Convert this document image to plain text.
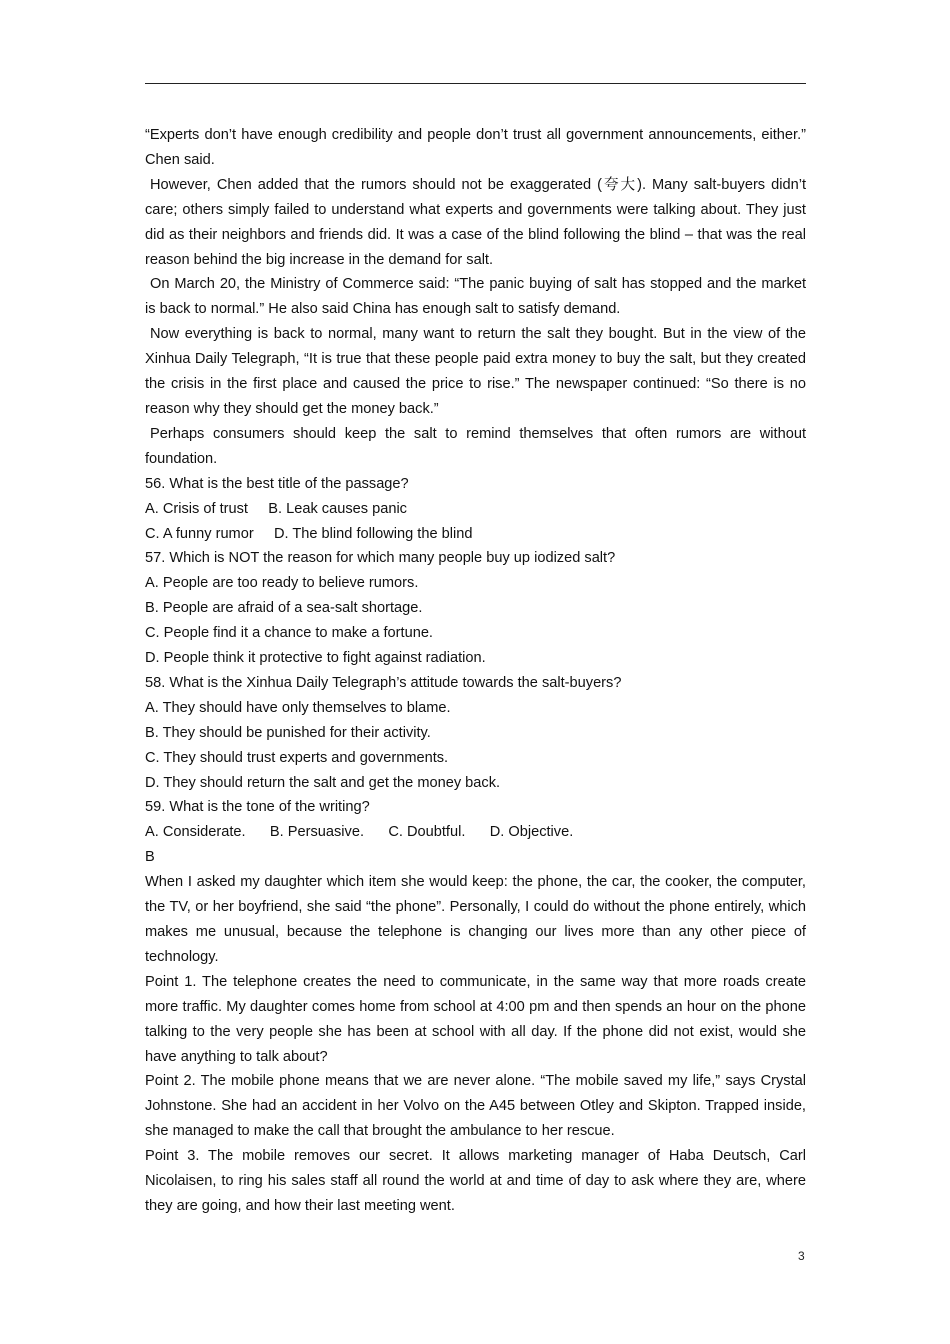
“Experts don’t have enough credibility and people don’t trust all government announcements, either.” Chen said.

However, Chen added that the rumors should not be exaggerated (夸大). Many salt-buyers didn’t care; others simply failed to understand what experts and governments were talking about. They just did as their neighbors and friends did. It was a case of the blind following the blind – that was the real reason behind the big increase in the demand for salt.

On March 20, the Ministry of Commerce said: “The panic buying of salt has stopped and the market is back to normal.” He also said China has enough salt to satisfy demand.

Now everything is back to normal, many want to return the salt they bought. But in the view of the Xinhua Daily Telegraph, “It is true that these people paid extra money to buy the salt, but they created the crisis in the first place and caused the price to rise.” The newspaper continued: “So there is no reason why they should get the money back.”

Perhaps consumers should keep the salt to remind themselves that often rumors are without foundation.

56. What is the best title of the passage?

A. Crisis of trust     B. Leak causes panic

C. A funny rumor     D. The blind following the blind

57. Which is NOT the reason for which many people buy up iodized salt?

A. People are too ready to believe rumors.

B. People are afraid of a sea-salt shortage.

C. People find it a chance to make a fortune.

D. People think it protective to fight against radiation.

58. What is the Xinhua Daily Telegraph’s attitude towards the salt-buyers?

A. They should have only themselves to blame.

B. They should be punished for their activity.

C. They should trust experts and governments.

D. They should return the salt and get the money back.

59. What is the tone of the writing?

A. Considerate.      B. Persuasive.      C. Doubtful.      D. Objective.

B

When I asked my daughter which item she would keep: the phone, the car, the cooker, the computer, the TV, or her boyfriend, she said “the phone”. Personally, I could do without the phone entirely, which makes me unusual, because the telephone is changing our lives more than any other piece of technology.

Point 1. The telephone creates the need to communicate, in the same way that more roads create more traffic. My daughter comes home from school at 4:00 pm and then spends an hour on the phone talking to the very people she has been at school with all day. If the phone did not exist, would she have anything to talk about?

Point 2. The mobile phone means that we are never alone. “The mobile saved my life,” says Crystal Johnstone. She had an accident in her Volvo on the A45 between Otley and Skipton. Trapped inside, she managed to make the call that brought the ambulance to her rescue.

Point 3. The mobile removes our secret. It allows marketing manager of Haba Deutsch, Carl Nicolaisen, to ring his sales staff all round the world at and time of day to ask where they are, where they are going, and how their last meeting went.

3
